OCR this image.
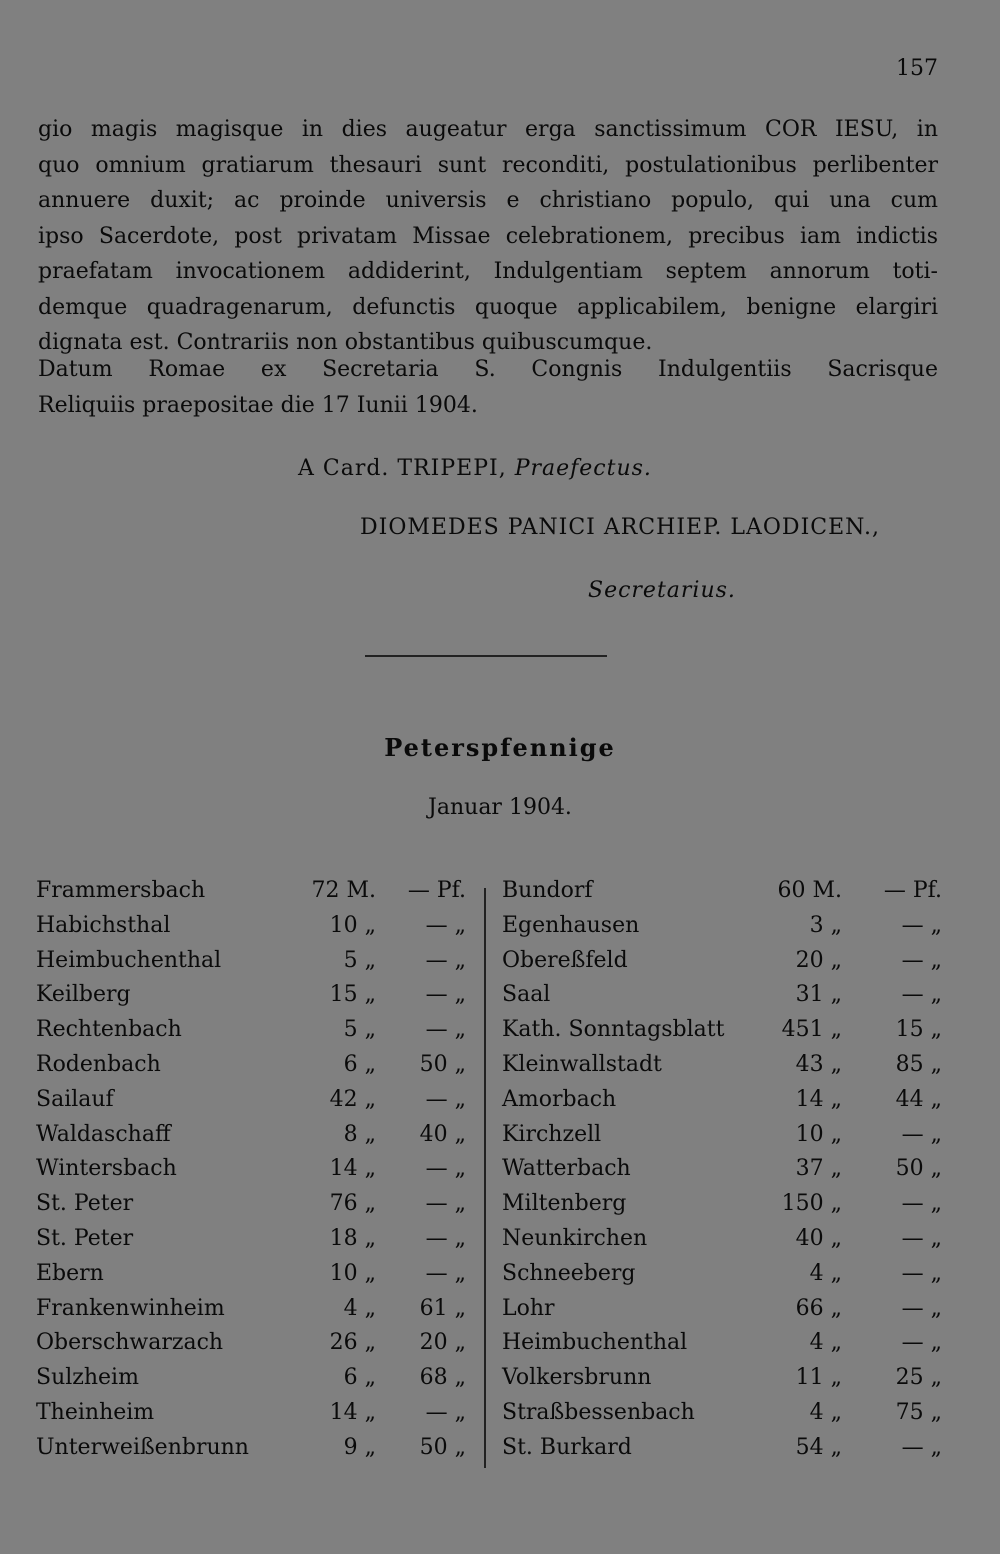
157
gio magis magisque in dies augeatur erga sanctissimum COR IESU, in
quo omnium gratiarum thesauri sunt reconditi, postulationibus perlibenter
annuere duxit; ac proinde universis e christiano populo, qui una cum
ipso Sacerdote, post privatam Missae celebrationem, precibus iam indictis
praefatam invocationem addiderint, Indulgentiam septem annorum toti-
demque quadragenarum, defunctis quoque applicabilem, benigne elargiri
dignata est. Contrariis non obstantibus quibuscumque.
Datum Romae ex Secretaria S. Congnis Indulgentiis Sacrisque
Reliquiis praepositae die 17 Iunii 1904.
A Card. TRIPEPI, Praefectus.
DIOMEDES PANICI ARCHIEP. LAODICEN.,
Secretarius.
Peterspfennige
Januar 1904.
Frammersbach	72 M.	— Pf.
Habichsthal	10 „	— „
Heimbuchenthal	5 „	— „
Keilberg	15 „	— „
Rechtenbach	5 „	— „
Rodenbach	6 „	50 „
Sailauf	42 „	— „
Waldaschaff	8 „	40 „
Wintersbach	14 „	— „
St. Peter	76 „	— „
St. Peter	18 „	— „
Ebern	10 „	— „
Frankenwinheim	4 „	61 „
Oberschwarzach	26 „	20 „
Sulzheim	6 „	68 „
Theinheim	14 „	— „
Unterweißenbrunn	9 „	50 „
Bundorf	60 M.	— Pf.
Egenhausen	3 „	— „
Obereßfeld	20 „	— „
Saal	31 „	— „
Kath. Sonntagsblatt	451 „	15 „
Kleinwallstadt	43 „	85 „
Amorbach	14 „	44 „
Kirchzell	10 „	— „
Watterbach	37 „	50 „
Miltenberg	150 „	— „
Neunkirchen	40 „	— „
Schneeberg	4 „	— „
Lohr	66 „	— „
Heimbuchenthal	4 „	— „
Volkersbrunn	11 „	25 „
Straßbessenbach	4 „	75 „
St. Burkard	54 „	— „
